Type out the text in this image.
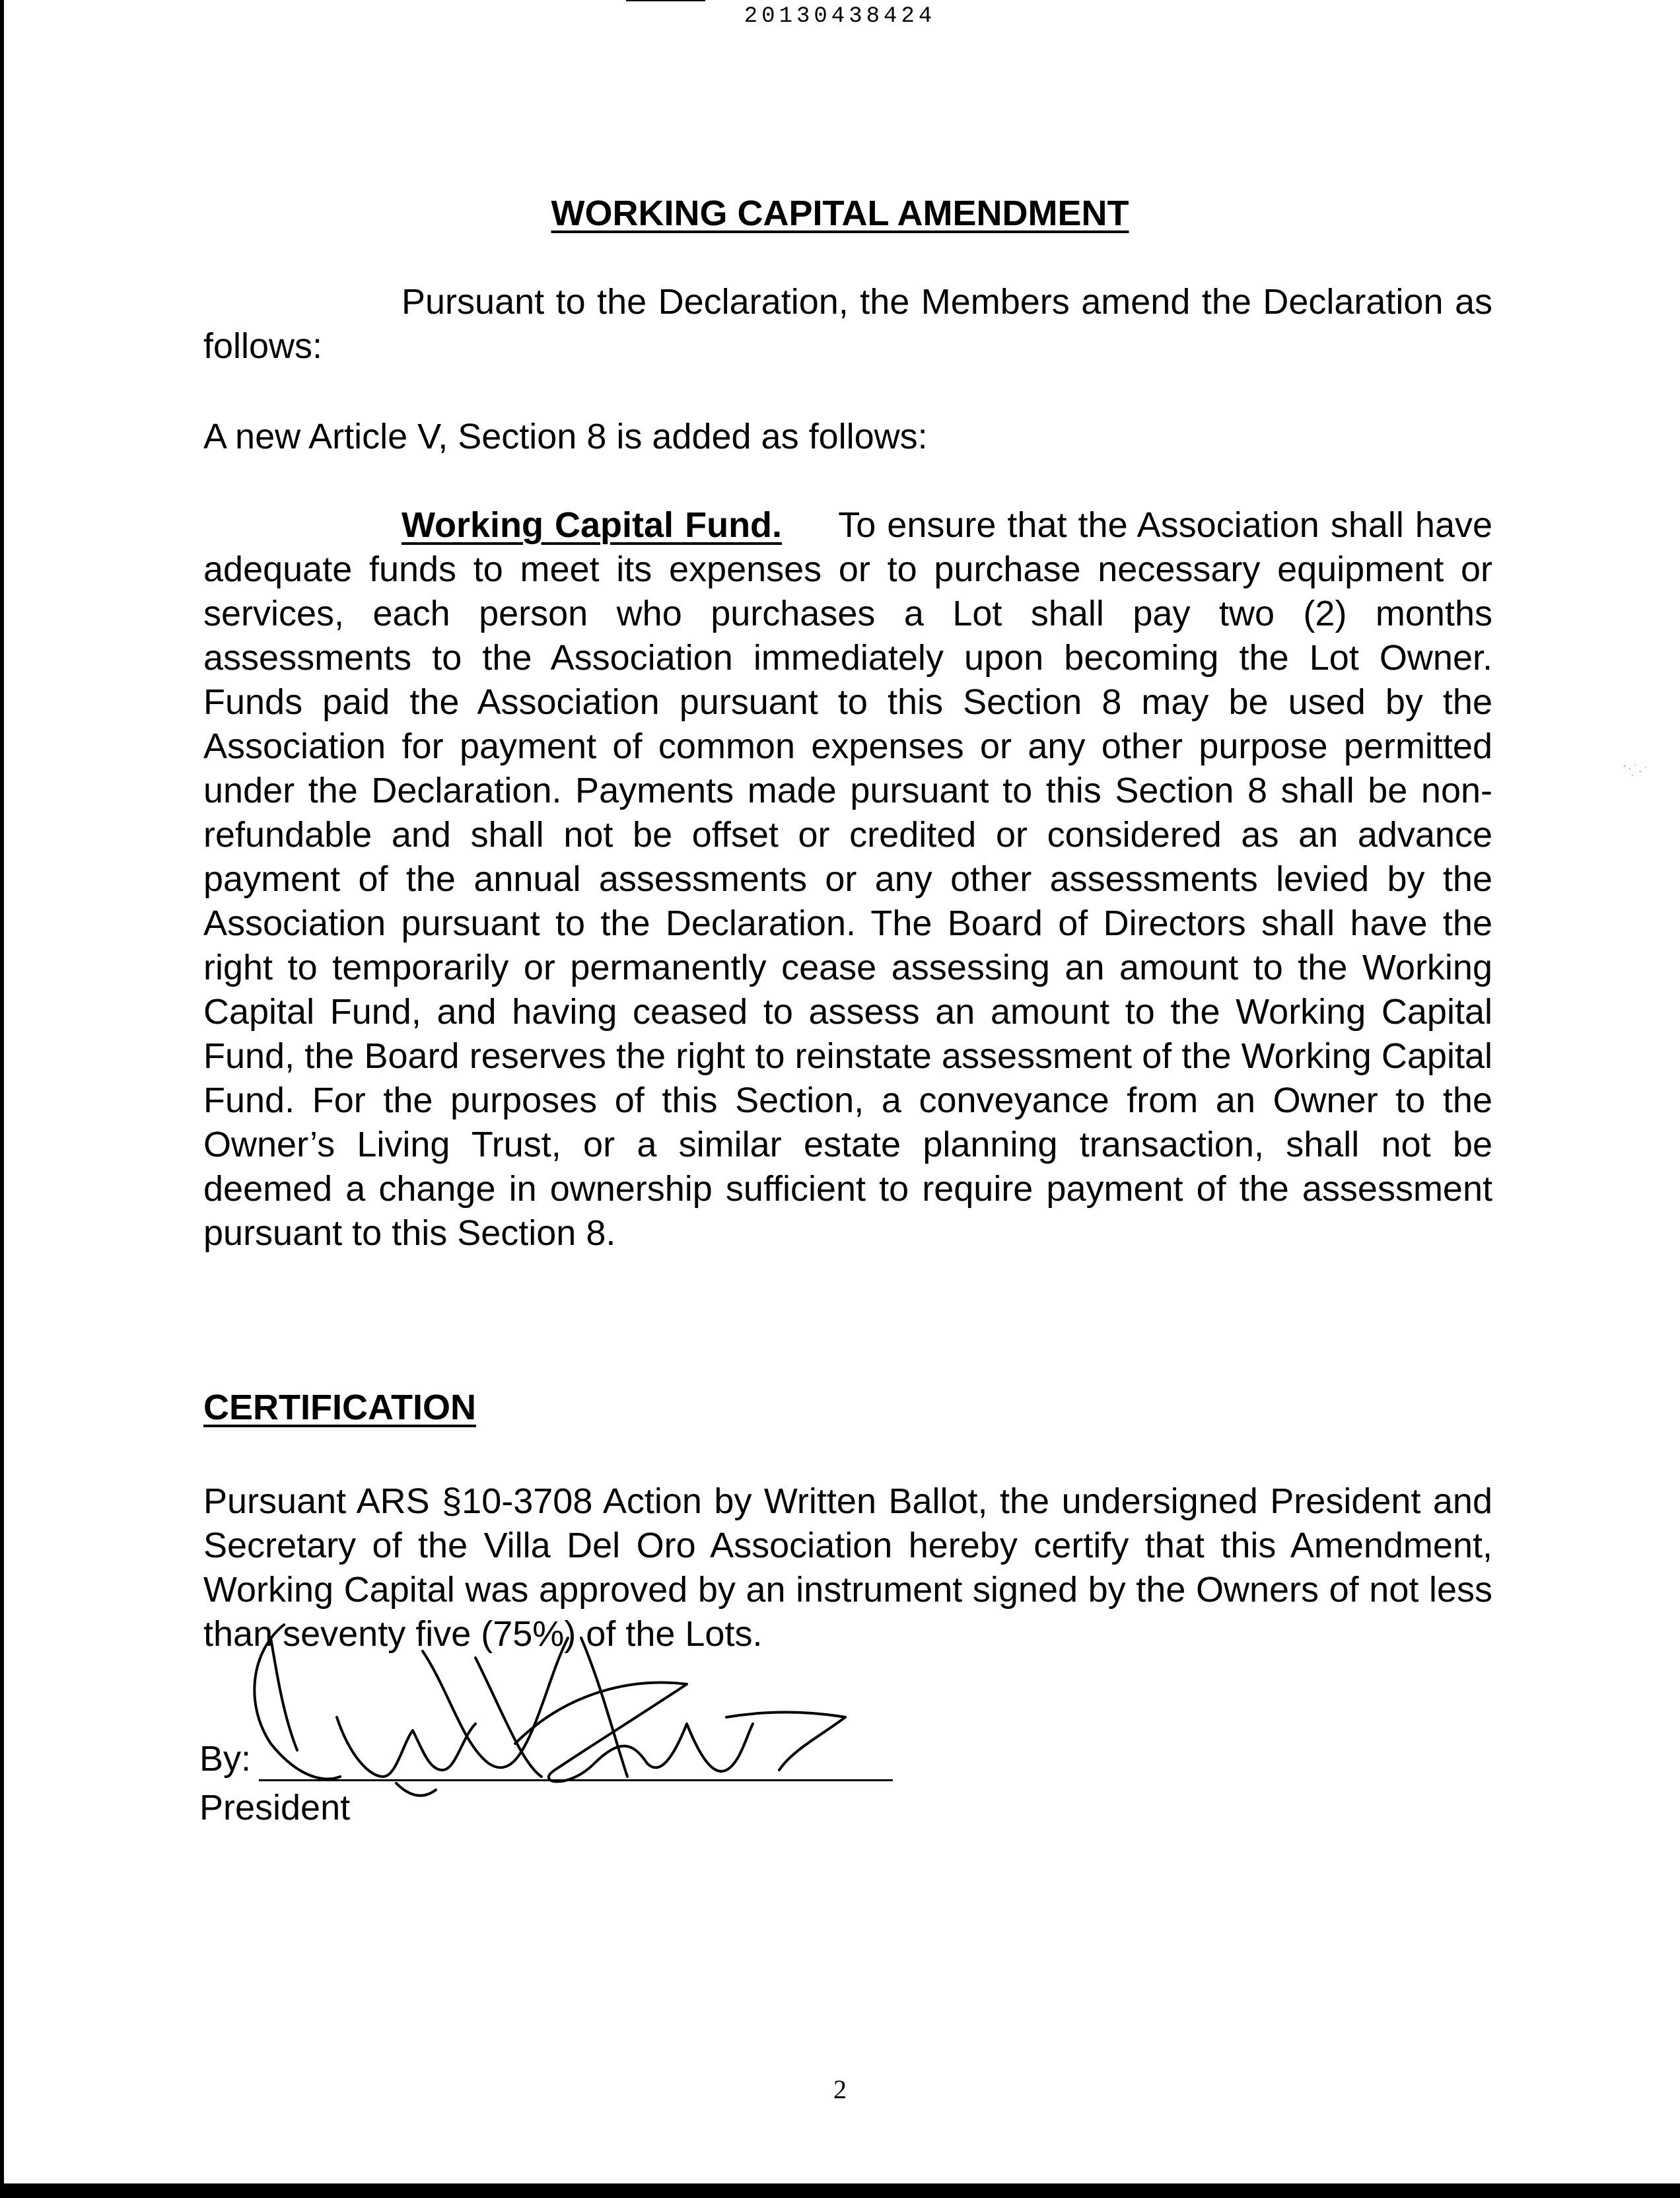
20130438424
WORKING CAPITAL AMENDMENT
Pursuant to the Declaration, the Members amend the Declaration as follows:
A new Article V, Section 8 is added as follows:
Working Capital Fund. To ensure that the Association shall have adequate funds to meet its expenses or to purchase necessary equipment or services, each person who purchases a Lot shall pay two (2) months assessments to the Association immediately upon becoming the Lot Owner. Funds paid the Association pursuant to this Section 8 may be used by the Association for payment of common expenses or any other purpose permitted under the Declaration. Payments made pursuant to this Section 8 shall be non-refundable and shall not be offset or credited or considered as an advance payment of the annual assessments or any other assessments levied by the Association pursuant to the Declaration. The Board of Directors shall have the right to temporarily or permanently cease assessing an amount to the Working Capital Fund, and having ceased to assess an amount to the Working Capital Fund, the Board reserves the right to reinstate assessment of the Working Capital Fund. For the purposes of this Section, a conveyance from an Owner to the Owner’s Living Trust, or a similar estate planning transaction, shall not be deemed a change in ownership sufficient to require payment of the assessment pursuant to this Section 8.
CERTIFICATION
Pursuant ARS §10-3708 Action by Written Ballot, the undersigned President and Secretary of the Villa Del Oro Association hereby certify that this Amendment, Working Capital was approved by an instrument signed by the Owners of not less than seventy five (75%) of the Lots.
By:
President
2
